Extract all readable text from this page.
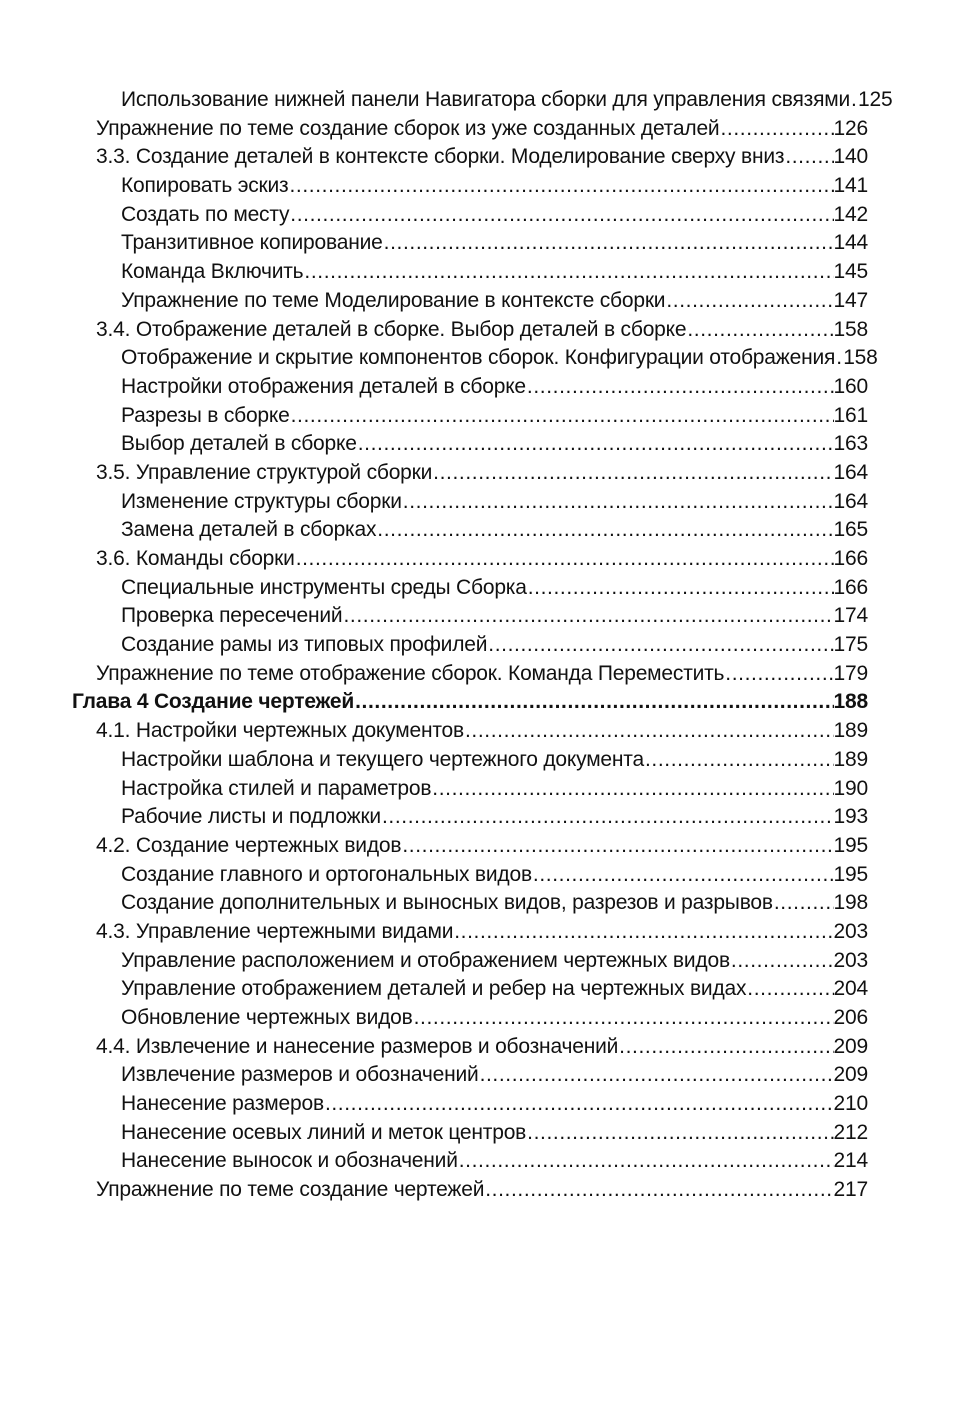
Использование нижней панели Навигатора сборки для управления связями ..... 125
Упражнение по теме создание сборок из уже созданных деталей .....	126
3.3. Создание деталей в контексте сборки. Моделирование сверху вниз ..... 140
Копировать эскиз .....	141
Создать по месту .....	142
Транзитивное копирование .....	144
Команда Включить .....	145
Упражнение по теме Моделирование в контексте сборки .....	147
3.4. Отображение деталей в сборке. Выбор деталей в сборке .....	158
Отображение и скрытие компонентов сборок. Конфигурации отображения ..... 158
Настройки отображения деталей в сборке .....	160
Разрезы в сборке .....	161
Выбор деталей в сборке .....	163
3.5. Управление структурой сборки .....	164
Изменение структуры сборки .....	164
Замена деталей в сборках .....	165
3.6. Команды сборки .....	166
Специальные инструменты среды Сборка .....	166
Проверка пересечений .....	174
Создание рамы из типовых профилей .....	175
Упражнение по теме отображение сборок. Команда Переместить .....	179
Глава 4 Создание чертежей .....	188
4.1. Настройки чертежных документов .....	189
Настройки шаблона и текущего чертежного документа .....	189
Настройка стилей и параметров .....	190
Рабочие листы и подложки .....	193
4.2. Создание чертежных видов .....	195
Создание главного и ортогональных видов .....	195
Создание дополнительных и выносных видов, разрезов и разрывов .....	198
4.3. Управление чертежными видами .....	203
Управление расположением и отображением чертежных видов .....	203
Управление отображением деталей и ребер на чертежных видах .....	204
Обновление чертежных видов .....	206
4.4. Извлечение и нанесение размеров и обозначений .....	209
Извлечение размеров и обозначений .....	209
Нанесение размеров .....	210
Нанесение осевых линий и меток центров .....	212
Нанесение выносок и обозначений .....	214
Упражнение по теме создание чертежей .....	217
